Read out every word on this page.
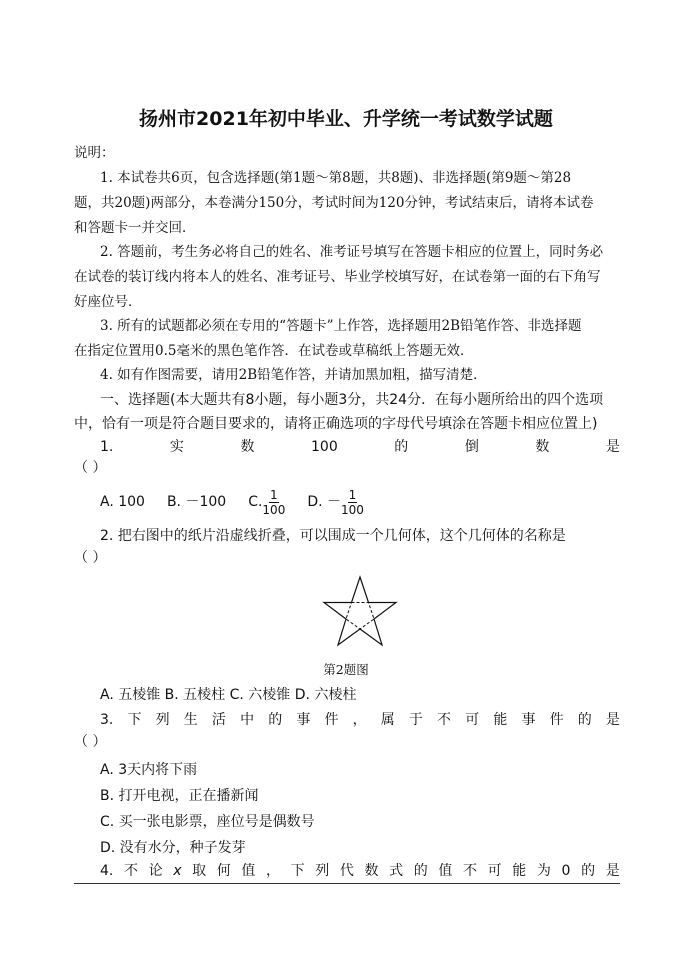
扬州市2021年初中毕业、升学统一考试数学试题
说明：
1. 本试卷共6页，包含选择题(第1题～第8题，共8题)、非选择题(第9题～第28
题，共20题)两部分，本卷满分150分，考试时间为120分钟，考试结束后，请将本试卷
和答题卡一并交回．
2. 答题前，考生务必将自己的姓名、准考证号填写在答题卡相应的位置上，同时务必
在试卷的装订线内将本人的姓名、准考证号、毕业学校填写好，在试卷第一面的右下角写
好座位号．
3. 所有的试题都必须在专用的“答题卡”上作答，选择题用2B铅笔作答、非选择题
在指定位置用0.5毫米的黑色笔作答．在试卷或草稿纸上答题无效．
4. 如有作图需要，请用2B铅笔作答，并请加黑加粗，描写清楚．
一、选择题(本大题共有8小题，每小题3分，共24分．在每小题所给出的四个选项
中，恰有一项是符合题目要求的，请将正确选项的字母代号填涂在答题卡相应位置上)
1.	实	数	100	的	倒	数	是
（ ）
A. 100 B. －100 C. $\frac{1}{100} D$. － $\frac{1}{100}$
2. 把右图中的纸片沿虚线折叠，可以围成一个几何体，这个几何体的名称是
（ ）
第2题图
A. 五棱锥 B. 五棱柱 C. 六棱锥 D. 六棱柱
3. 下 列 生 活 中 的 事 件 ， 属 于 不 可 能 事 件 的 是
（ ）
A. 3天内将下雨
B. 打开电视，正在播新闻
C. 买一张电影票，座位号是偶数号
D. 没有水分，种子发芽
4. 不 论 x 取 何 值 ， 下 列 代 数 式 的 值 不 可 能 为 0 的 是
